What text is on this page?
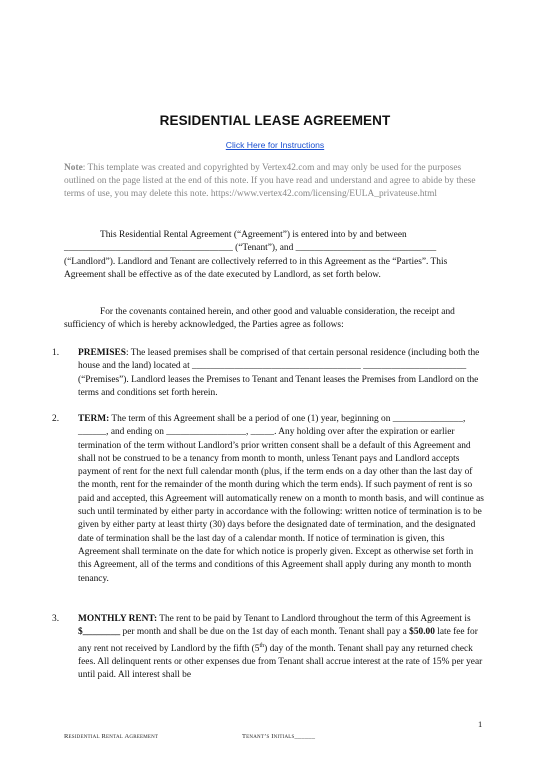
RESIDENTIAL LEASE AGREEMENT
Click Here for Instructions
Note: This template was created and copyrighted by Vertex42.com and may only be used for the purposes outlined on the page listed at the end of this note. If you have read and understand and agree to abide by these terms of use, you may delete this note. https://www.vertex42.com/licensing/EULA_privateuse.html
This Residential Rental Agreement (“Agreement”) is entered into by and between ____________________________________ (“Tenant”), and ______________________________ (“Landlord”). Landlord and Tenant are collectively referred to in this Agreement as the “Parties”. This Agreement shall be effective as of the date executed by Landlord, as set forth below.
For the covenants contained herein, and other good and valuable consideration, the receipt and sufficiency of which is hereby acknowledged, the Parties agree as follows:
1. PREMISES: The leased premises shall be comprised of that certain personal residence (including both the house and the land) located at ____________________________________ ______________________ (“Premises”). Landlord leases the Premises to Tenant and Tenant leases the Premises from Landlord on the terms and conditions set forth herein.
2. TERM: The term of this Agreement shall be a period of one (1) year, beginning on _______________, ______, and ending on _________________, _____. Any holding over after the expiration or earlier termination of the term without Landlord’s prior written consent shall be a default of this Agreement and shall not be construed to be a tenancy from month to month, unless Tenant pays and Landlord accepts payment of rent for the next full calendar month (plus, if the term ends on a day other than the last day of the month, rent for the remainder of the month during which the term ends). If such payment of rent is so paid and accepted, this Agreement will automatically renew on a month to month basis, and will continue as such until terminated by either party in accordance with the following: written notice of termination is to be given by either party at least thirty (30) days before the designated date of termination, and the designated date of termination shall be the last day of a calendar month. If notice of termination is given, this Agreement shall terminate on the date for which notice is properly given. Except as otherwise set forth in this Agreement, all of the terms and conditions of this Agreement shall apply during any month to month tenancy.
3. MONTHLY RENT: The rent to be paid by Tenant to Landlord throughout the term of this Agreement is $________ per month and shall be due on the 1st day of each month. Tenant shall pay a $50.00 late fee for any rent not received by Landlord by the fifth (5th) day of the month. Tenant shall pay any returned check fees. All delinquent rents or other expenses due from Tenant shall accrue interest at the rate of 15% per year until paid. All interest shall be
1
Residential Rental Agreement	Tenant’s Initials______
